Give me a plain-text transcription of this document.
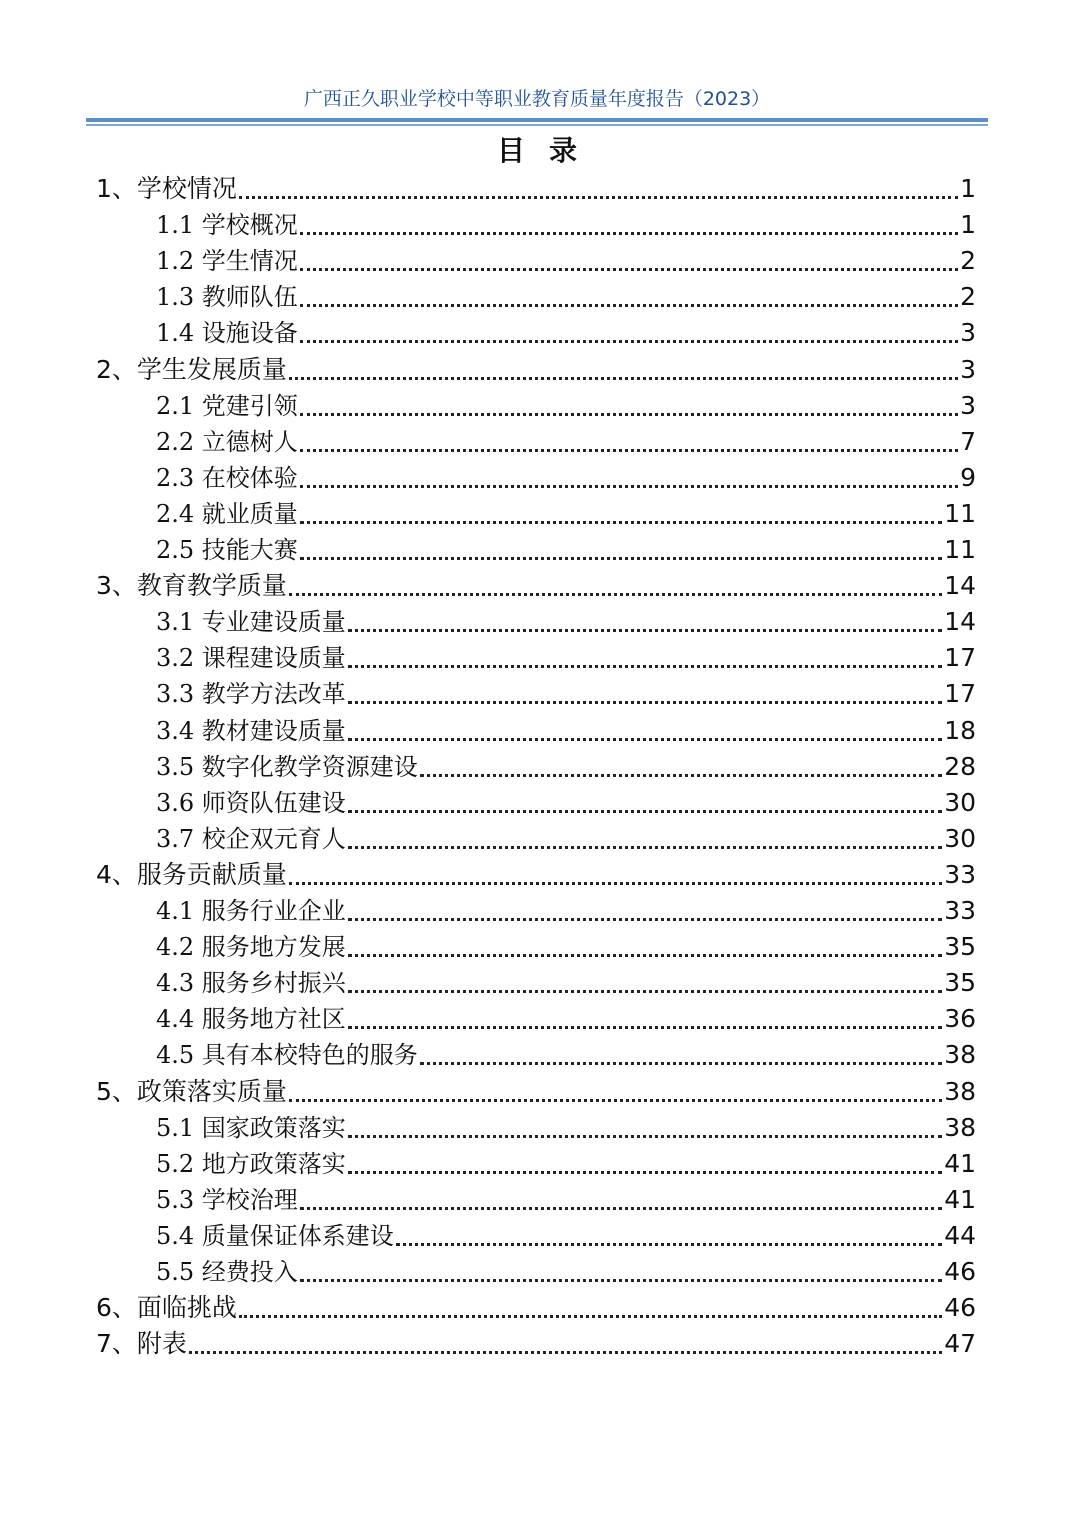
广西正久职业学校中等职业教育质量年度报告（2023）
目录
1、学校情况	1
1.1 学校概况	1
1.2 学生情况	2
1.3 教师队伍	2
1.4 设施设备	3
2、学生发展质量	3
2.1 党建引领	3
2.2 立德树人	7
2.3 在校体验	9
2.4 就业质量	11
2.5 技能大赛	11
3、教育教学质量	14
3.1 专业建设质量	14
3.2 课程建设质量	17
3.3 教学方法改革	17
3.4 教材建设质量	18
3.5 数字化教学资源建设	28
3.6 师资队伍建设	30
3.7 校企双元育人	30
4、服务贡献质量	33
4.1 服务行业企业	33
4.2 服务地方发展	35
4.3 服务乡村振兴	35
4.4 服务地方社区	36
4.5 具有本校特色的服务	38
5、政策落实质量	38
5.1 国家政策落实	38
5.2 地方政策落实	41
5.3 学校治理	41
5.4 质量保证体系建设	44
5.5 经费投入	46
6、面临挑战	46
7、附表	47
